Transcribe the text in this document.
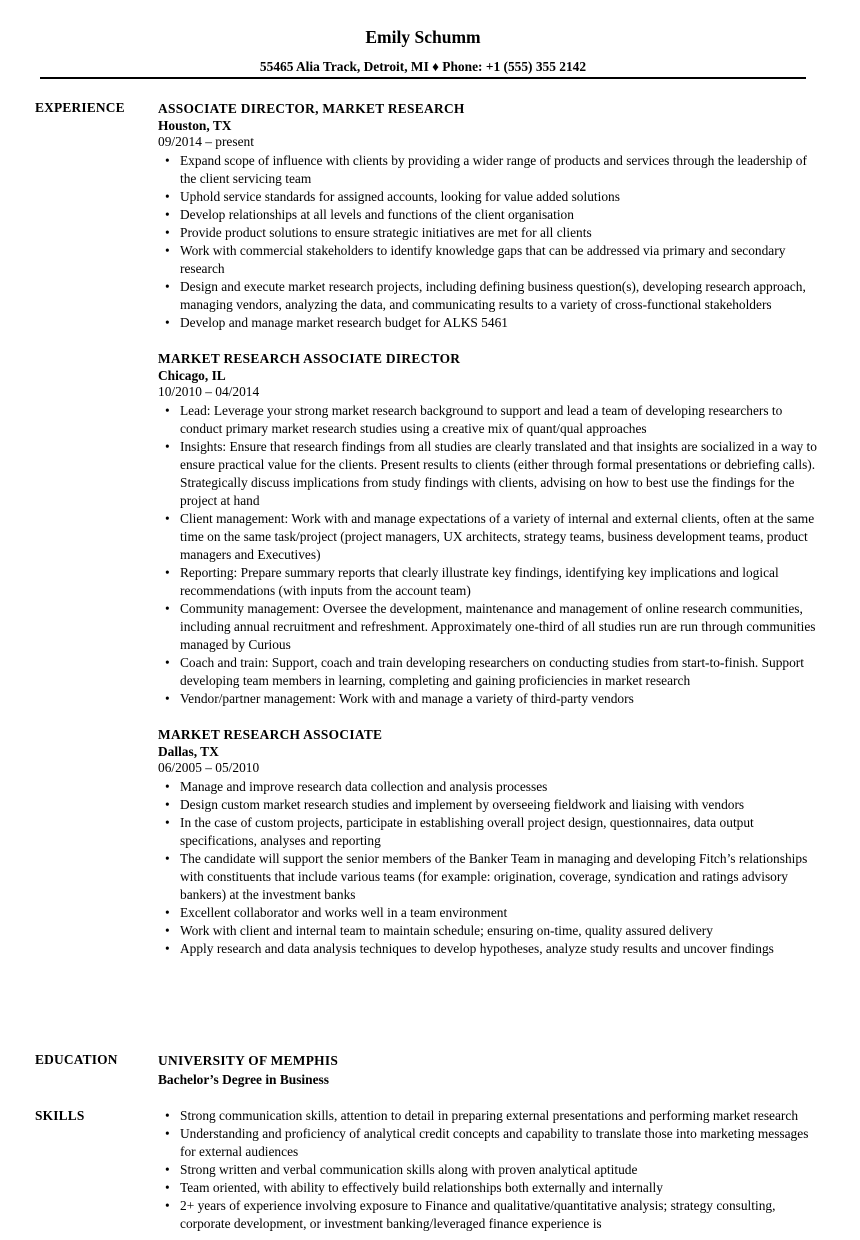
Emily Schumm
55465 Alia Track, Detroit, MI ♦ Phone: +1 (555) 355 2142
EXPERIENCE ASSOCIATE DIRECTOR, MARKET RESEARCH
Houston, TX
09/2014 – present
• Expand scope of influence with clients by providing a wider range of products and services through the leadership of the client servicing team
• Uphold service standards for assigned accounts, looking for value added solutions
• Develop relationships at all levels and functions of the client organisation
• Provide product solutions to ensure strategic initiatives are met for all clients
• Work with commercial stakeholders to identify knowledge gaps that can be addressed via primary and secondary research
• Design and execute market research projects, including defining business question(s), developing research approach, managing vendors, analyzing the data, and communicating results to a variety of cross-functional stakeholders
• Develop and manage market research budget for ALKS 5461
MARKET RESEARCH ASSOCIATE DIRECTOR
Chicago, IL
10/2010 – 04/2014
• Lead: Leverage your strong market research background to support and lead a team of developing researchers to conduct primary market research studies using a creative mix of quant/qual approaches
• Insights: Ensure that research findings from all studies are clearly translated and that insights are socialized in a way to ensure practical value for the clients. Present results to clients (either through formal presentations or debriefing calls). Strategically discuss implications from study findings with clients, advising on how to best use the findings for the project at hand
• Client management: Work with and manage expectations of a variety of internal and external clients, often at the same time on the same task/project (project managers, UX architects, strategy teams, business development teams, product managers and Executives)
• Reporting: Prepare summary reports that clearly illustrate key findings, identifying key implications and logical recommendations (with inputs from the account team)
• Community management: Oversee the development, maintenance and management of online research communities, including annual recruitment and refreshment. Approximately one-third of all studies run are run through communities managed by Curious
• Coach and train: Support, coach and train developing researchers on conducting studies from start-to-finish. Support developing team members in learning, completing and gaining proficiencies in market research
• Vendor/partner management: Work with and manage a variety of third-party vendors
MARKET RESEARCH ASSOCIATE
Dallas, TX
06/2005 – 05/2010
• Manage and improve research data collection and analysis processes
• Design custom market research studies and implement by overseeing fieldwork and liaising with vendors
• In the case of custom projects, participate in establishing overall project design, questionnaires, data output specifications, analyses and reporting
• The candidate will support the senior members of the Banker Team in managing and developing Fitch’s relationships with constituents that include various teams (for example: origination, coverage, syndication and ratings advisory bankers) at the investment banks
• Excellent collaborator and works well in a team environment
• Work with client and internal team to maintain schedule; ensuring on-time, quality assured delivery
• Apply research and data analysis techniques to develop hypotheses, analyze study results and uncover findings
EDUCATION	UNIVERSITY OF MEMPHIS
Bachelor’s Degree in Business
SKILLS
•	Strong communication skills, attention to detail in preparing external presentations and performing market research
• Understanding and proficiency of analytical credit concepts and capability to translate those into marketing messages for external audiences
• Strong written and verbal communication skills along with proven analytical aptitude
• Team oriented, with ability to effectively build relationships both externally and internally
• 2+ years of experience involving exposure to Finance and qualitative/quantitative analysis; strategy consulting, corporate development, or investment banking/leveraged finance experience is
